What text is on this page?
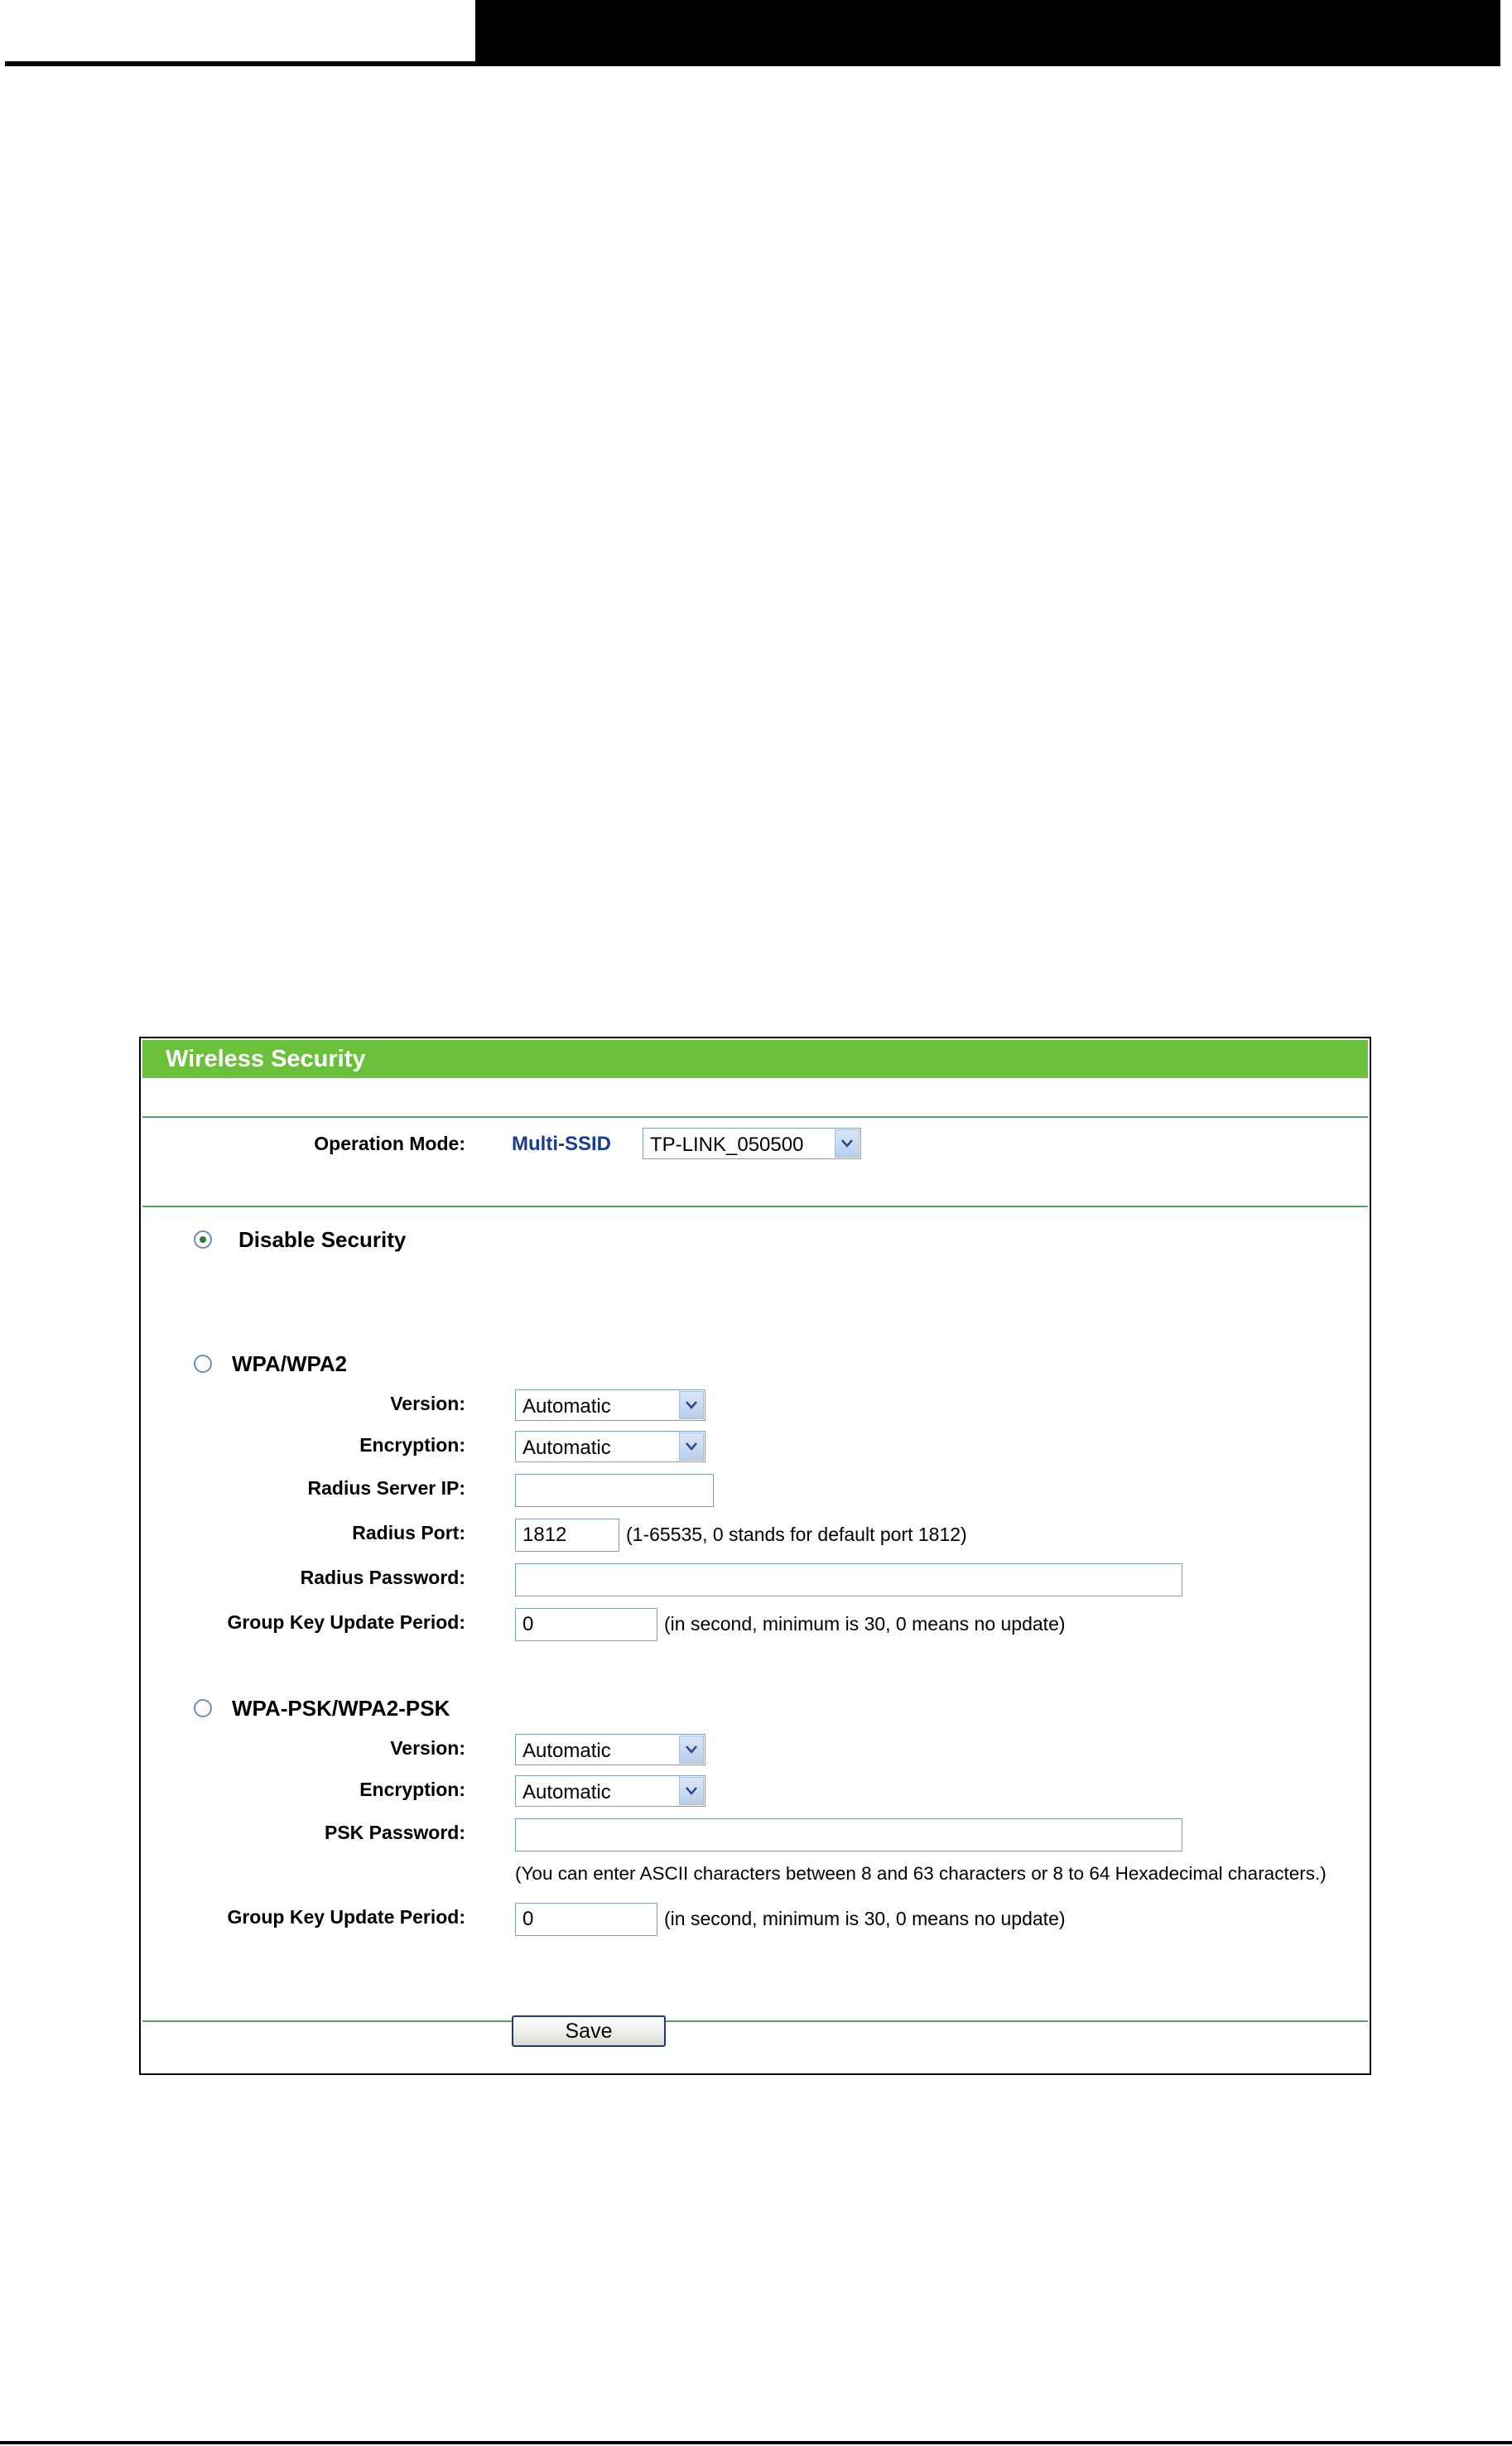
Wireless Security
Operation Mode: Multi-SSID TP-LINK_050500
Disable Security
WPA/WPA2
Version:	Automatic
Encryption:	Automatic
Radius Server IP:
Radius Port:	1812	(1-65535, 0 stands for default port 1812)
Radius Password:
Group Key Update Period:	0	(in second, minimum is 30, 0 means no update)
WPA-PSK/WPA2-PSK
Version:	Automatic
Encryption:	Automatic
PSK Password:
(You can enter ASCII characters between 8 and 63 characters or 8 to 64 Hexadecimal characters.)
Group Key Update Period:	0	(in second, minimum is 30, 0 means no update)
Save
